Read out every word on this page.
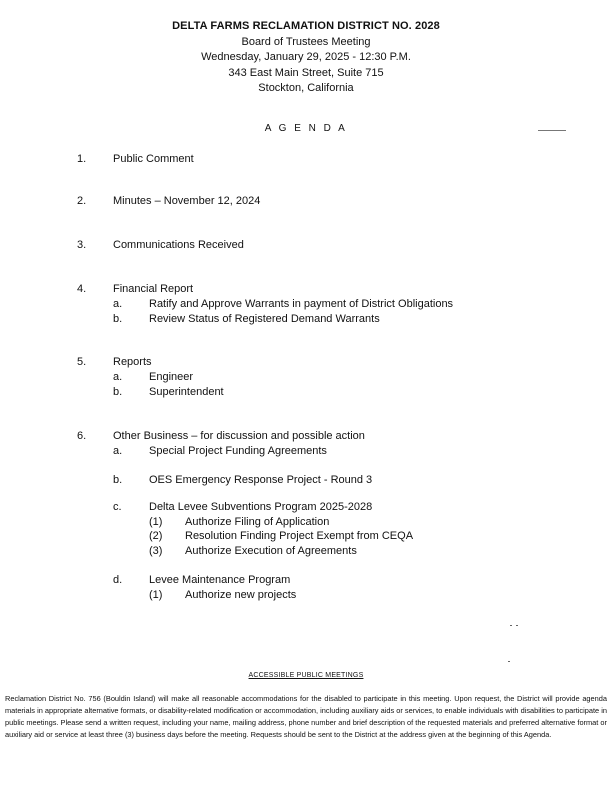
DELTA FARMS RECLAMATION DISTRICT NO. 2028
Board of Trustees Meeting
Wednesday, January 29, 2025 - 12:30 P.M.
343 East Main Street, Suite 715
Stockton, California
A G E N D A
1. Public Comment
2. Minutes – November 12, 2024
3. Communications Received
4. Financial Report
a. Ratify and Approve Warrants in payment of District Obligations
b. Review Status of Registered Demand Warrants
5. Reports
a. Engineer
b. Superintendent
6. Other Business – for discussion and possible action
a. Special Project Funding Agreements
b. OES Emergency Response Project - Round 3
c. Delta Levee Subventions Program 2025-2028
(1) Authorize Filing of Application
(2) Resolution Finding Project Exempt from CEQA
(3) Authorize Execution of Agreements
d. Levee Maintenance Program
(1) Authorize new projects
ACCESSIBLE PUBLIC MEETINGS
Reclamation District No. 756 (Bouldin Island) will make all reasonable accommodations for the disabled to participate in this meeting. Upon request, the District will provide agenda materials in appropriate alternative formats, or disability-related modification or accommodation, including auxiliary aids or services, to enable individuals with disabilities to participate in public meetings. Please send a written request, including your name, mailing address, phone number and brief description of the requested materials and preferred alternative format or auxiliary aid or service at least three (3) business days before the meeting. Requests should be sent to the District at the address given at the beginning of this Agenda.
